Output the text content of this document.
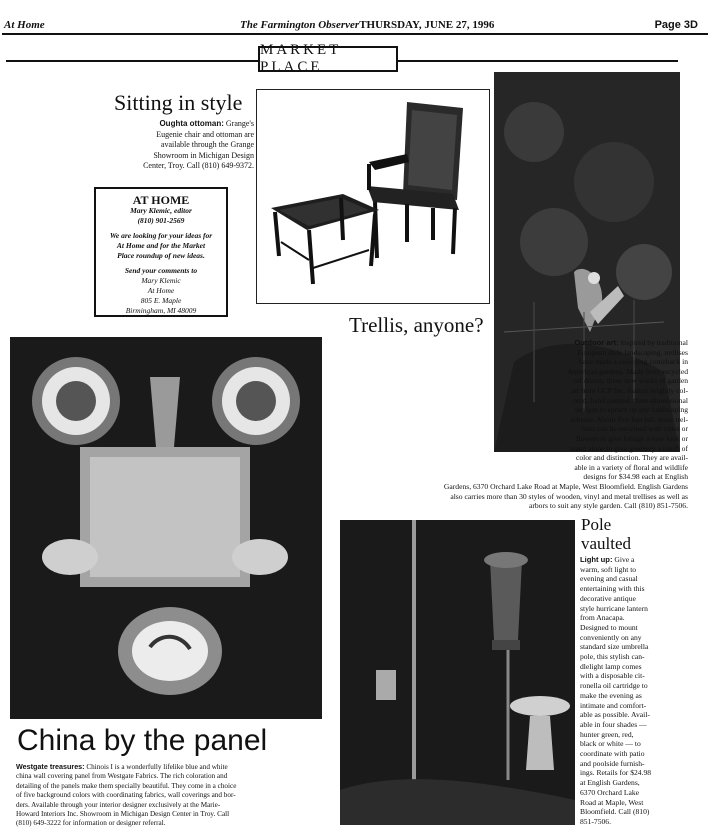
At Home	The Farmington ObserverTHURSDAY, JUNE 27, 1996	Page 3D
MARKET PLACE
Sitting in style
Oughta ottoman: Grange's
Eugenie chair and ottoman are
available through the Grange
Showroom in Michigan Design
Center, Troy. Call (810) 649-9372.
AT HOME
Mary Klemic, editor
(810) 901-2569
We are looking for your ideas for
At Home and for the Market
Place roundup of new ideas.
Send your comments to
Mary Klemic
At Home
805 E. Maple
Birmingham, MI 48009
Trellis, anyone?
Outdoor art: Inspired by traditional
European style landscaping, trellises
have made a sweeping comeback in
American gardens. Made from recycled
oil drums, these new works of garden
art from GCP Inc. feature brightly col-
ored, hand painted, three-dimensional
designs to spruce up any landscaping
scheme. About five feet tall, these trel-
lises can be entwined with vines or
flowers to give foliage a new look or
stand alone to give greenery a touch of
color and distinction. They are avail-
able in a variety of floral and wildlife
designs for $34.98 each at English
Gardens, 6370 Orchard Lake Road at Maple, West Bloomfield. English Gardens
also carries more than 30 styles of wooden, vinyl and metal trellises as well as
arbors to suit any style garden. Call (810) 851-7506.
Pole
vaulted
Light up: Give a
warm, soft light to
evening and casual
entertaining with this
decorative antique
style hurricane lantern
from Anacapa.
Designed to mount
conveniently on any
standard size umbrella
pole, this stylish can-
dlelight lamp comes
with a disposable cit-
ronella oil cartridge to
make the evening as
intimate and comfort-
able as possible. Avail-
able in four shades —
hunter green, red,
black or white — to
coordinate with patio
and poolside furnish-
ings. Retails for $24.98
at English Gardens,
6370 Orchard Lake
Road at Maple, West
Bloomfield. Call (810)
851-7506.
China by the panel
Westgate treasures: Chinois I is a wonderfully lifelike blue and white
china wall covering panel from Westgate Fabrics. The rich coloration and
detailing of the panels make them specially beautiful. They come in a choice
of five background colors with coordinating fabrics, wall coverings and bor-
ders. Available through your interior designer exclusively at the Marie-
Howard Interiors Inc. Showroom in Michigan Design Center in Troy. Call
(810) 649-3222 for information or designer referral.
